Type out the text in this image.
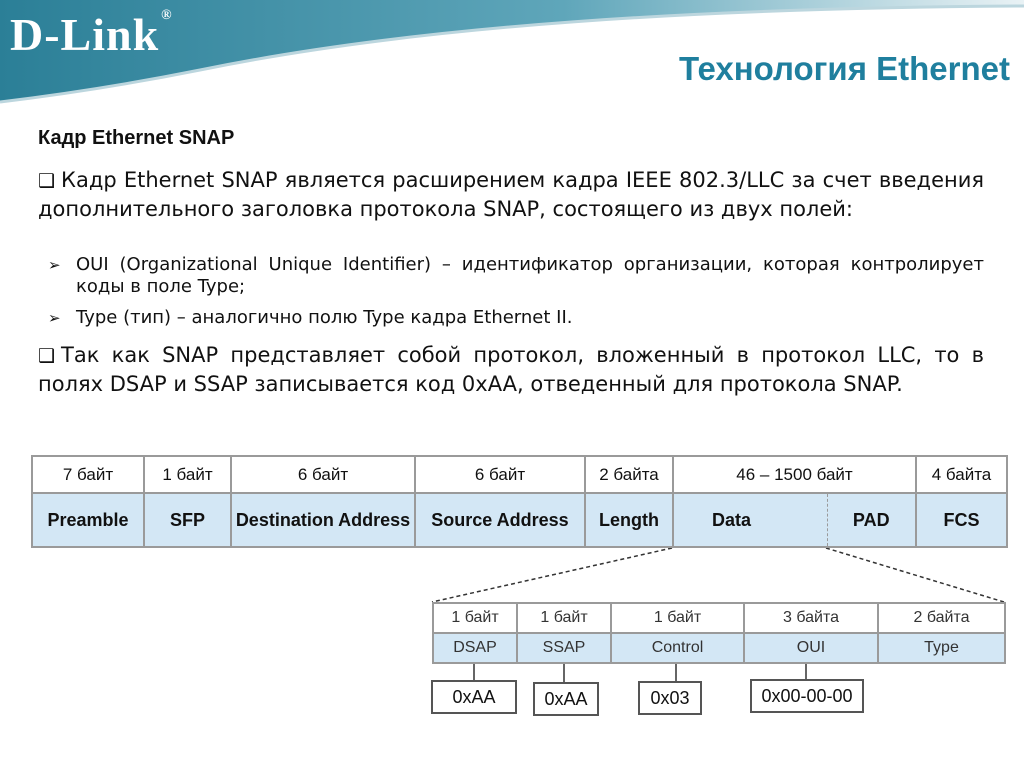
D-Link ®
Технология Ethernet
Кадр Ethernet SNAP
❑ Кадр Ethernet SNAP является расширением кадра IEEE 802.3/LLC за счет введения дополнительного заголовка протокола SNAP, состоящего из двух полей:
➢ OUI (Organizational Unique Identifier) – идентификатор организации, которая контролирует коды в поле Type;
➢ Type (тип) – аналогично полю Type кадра Ethernet II.
❑ Так как SNAP представляет собой протокол, вложенный в протокол LLC, то в полях DSAP и SSAP записывается код 0xAA, отведенный для протокола SNAP.
7 байт	1 байт	6 байт	6 байт	2 байта	46 – 1500 байт		4 байта
Preamble	SFP	Destination Address	Source Address	Length	Data	PAD	FCS
1 байт	1 байт	1 байт	3 байта	2 байта
DSAP	SSAP	Control	OUI	Type
0xAA	0xAA	0x03	0x00-00-00
